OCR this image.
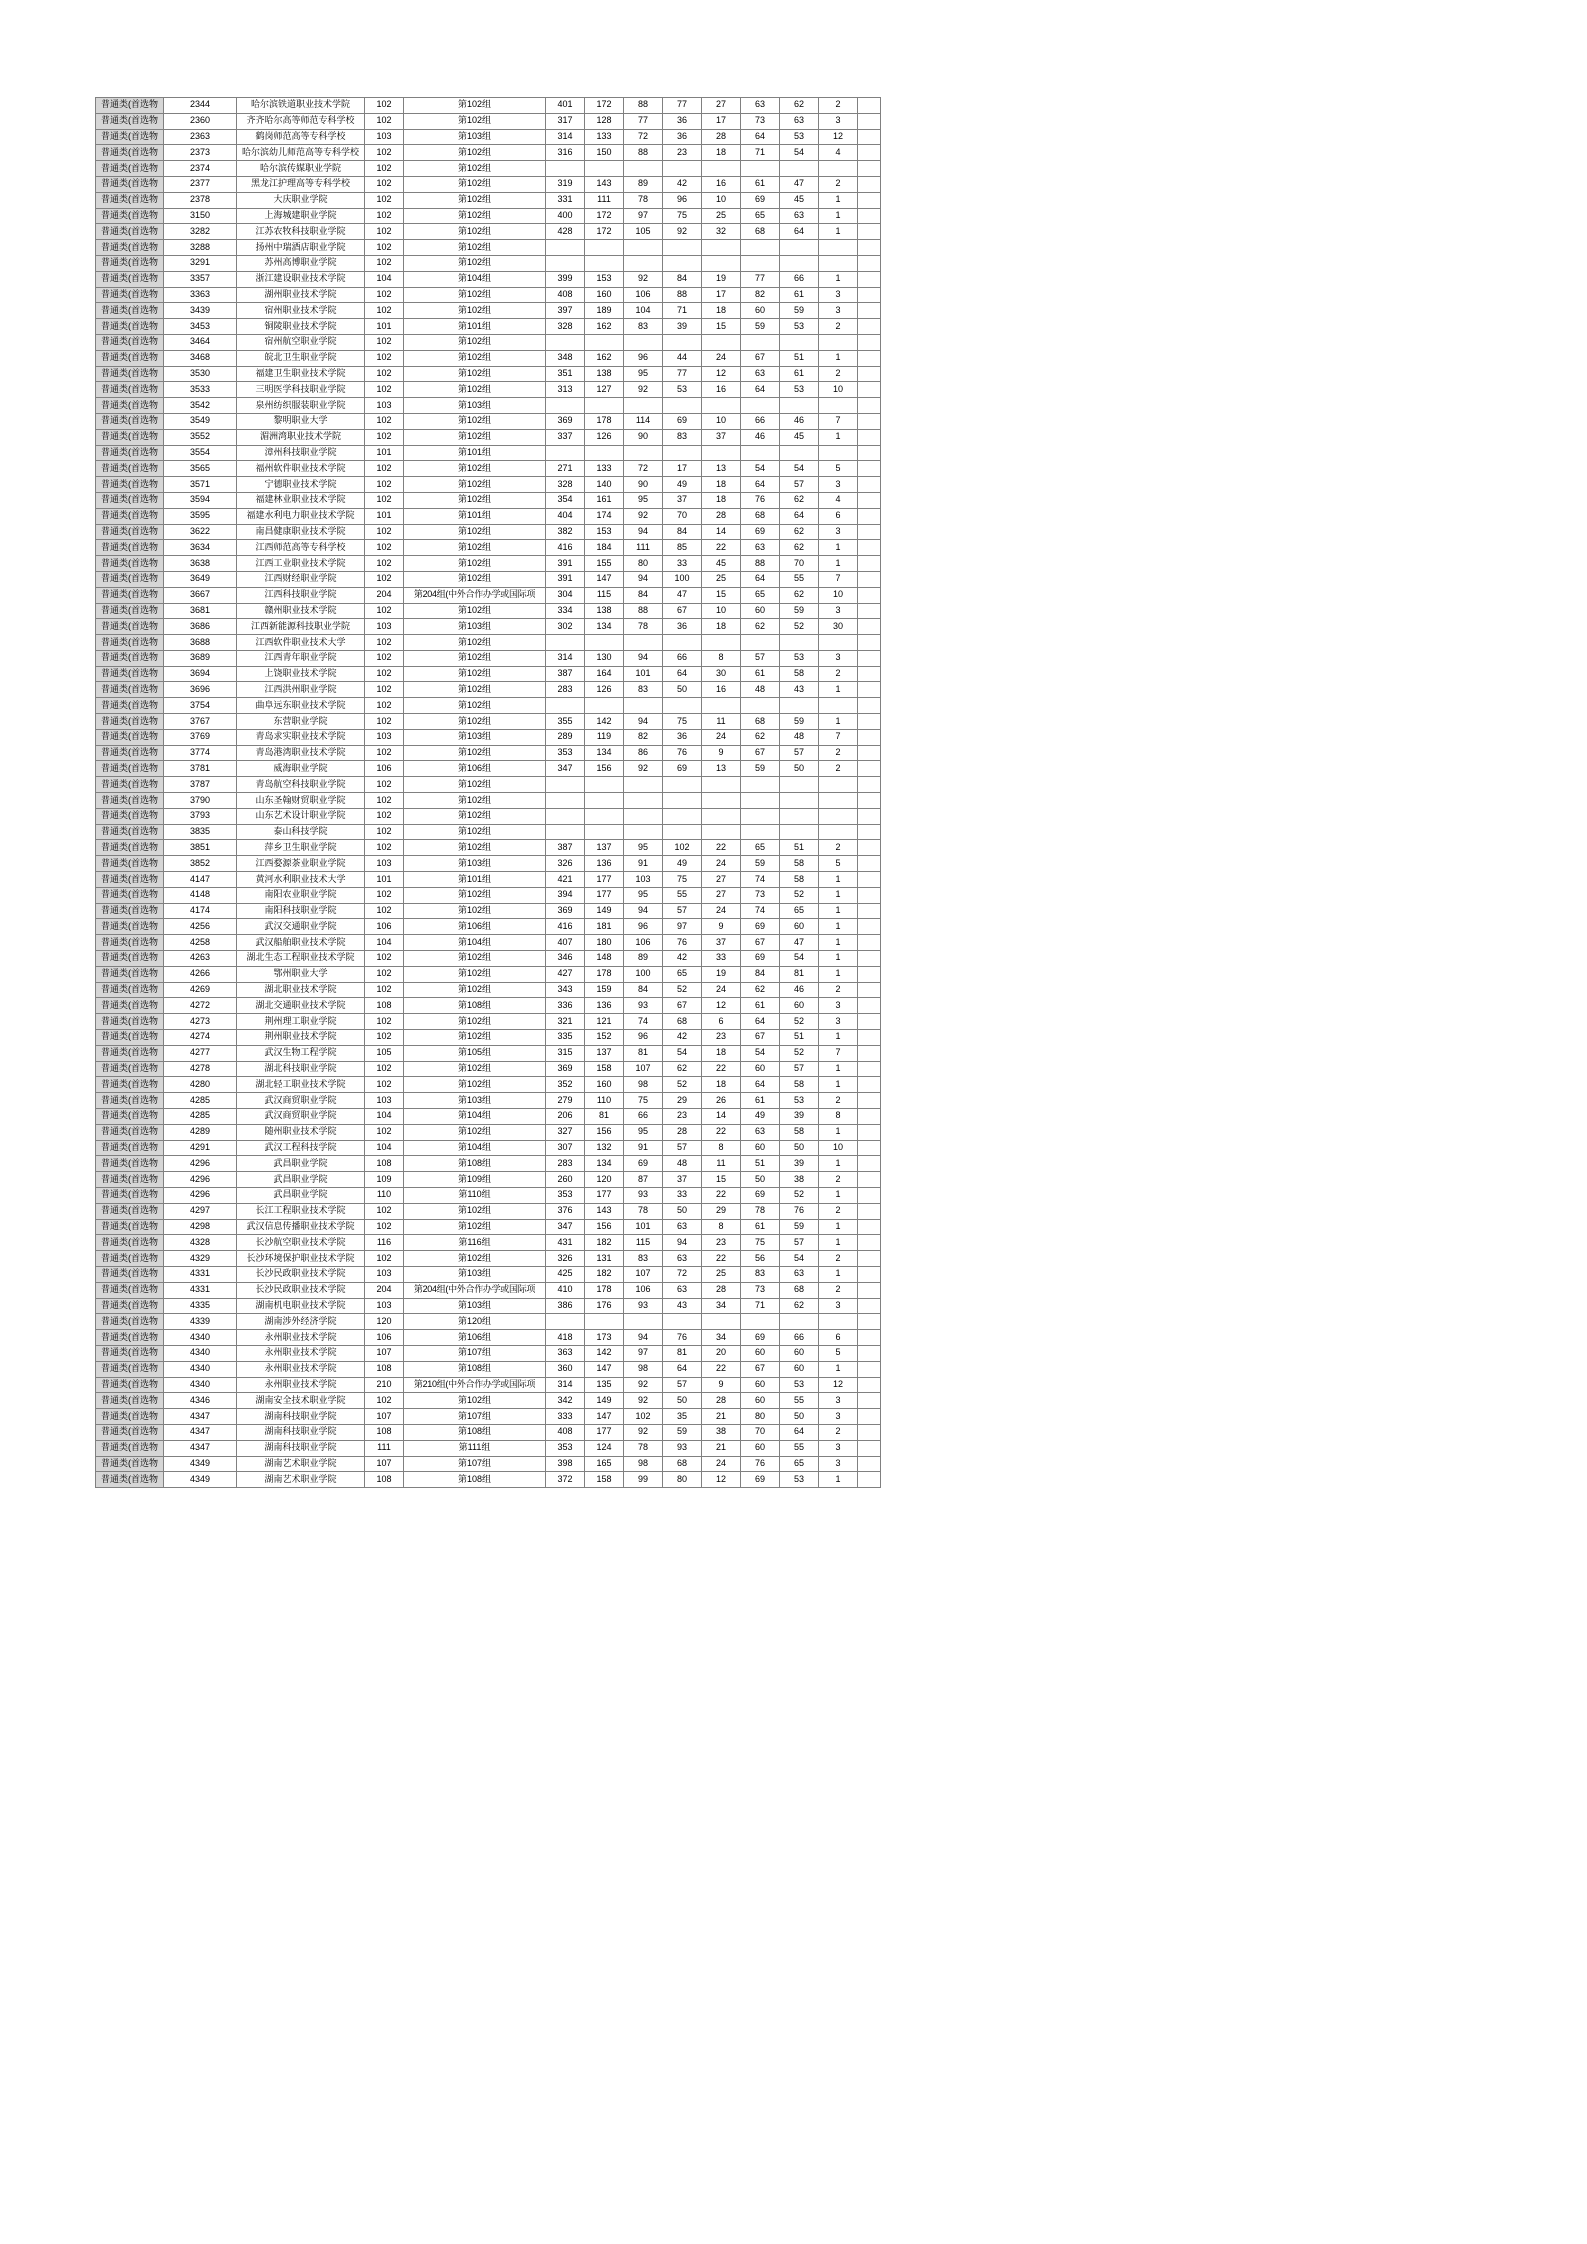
普通类(首选物	2344	哈尔滨铁道职业技术学院	102	第102组	401	172	88	77	27	63	62	2	
普通类(首选物	2360	齐齐哈尔高等师范专科学校	102	第102组	317	128	77	36	17	73	63	3	
普通类(首选物	2363	鹤岗师范高等专科学校	103	第103组	314	133	72	36	28	64	53	12	
普通类(首选物	2373	哈尔滨幼儿师范高等专科学校	102	第102组	316	150	88	23	18	71	54	4	
普通类(首选物	2374	哈尔滨传媒职业学院	102	第102组									
普通类(首选物	2377	黑龙江护理高等专科学校	102	第102组	319	143	89	42	16	61	47	2	
普通类(首选物	2378	大庆职业学院	102	第102组	331	111	78	96	10	69	45	1	
普通类(首选物	3150	上海城建职业学院	102	第102组	400	172	97	75	25	65	63	1	
普通类(首选物	3282	江苏农牧科技职业学院	102	第102组	428	172	105	92	32	68	64	1	
普通类(首选物	3288	扬州中瑞酒店职业学院	102	第102组									
普通类(首选物	3291	苏州高博职业学院	102	第102组									
普通类(首选物	3357	浙江建设职业技术学院	104	第104组	399	153	92	84	19	77	66	1	
普通类(首选物	3363	湖州职业技术学院	102	第102组	408	160	106	88	17	82	61	3	
普通类(首选物	3439	宿州职业技术学院	102	第102组	397	189	104	71	18	60	59	3	
普通类(首选物	3453	铜陵职业技术学院	101	第101组	328	162	83	39	15	59	53	2	
普通类(首选物	3464	宿州航空职业学院	102	第102组									
普通类(首选物	3468	皖北卫生职业学院	102	第102组	348	162	96	44	24	67	51	1	
普通类(首选物	3530	福建卫生职业技术学院	102	第102组	351	138	95	77	12	63	61	2	
普通类(首选物	3533	三明医学科技职业学院	102	第102组	313	127	92	53	16	64	53	10	
普通类(首选物	3542	泉州纺织服装职业学院	103	第103组									
普通类(首选物	3549	黎明职业大学	102	第102组	369	178	114	69	10	66	46	7	
普通类(首选物	3552	湄洲湾职业技术学院	102	第102组	337	126	90	83	37	46	45	1	
普通类(首选物	3554	漳州科技职业学院	101	第101组									
普通类(首选物	3565	福州软件职业技术学院	102	第102组	271	133	72	17	13	54	54	5	
普通类(首选物	3571	宁德职业技术学院	102	第102组	328	140	90	49	18	64	57	3	
普通类(首选物	3594	福建林业职业技术学院	102	第102组	354	161	95	37	18	76	62	4	
普通类(首选物	3595	福建水利电力职业技术学院	101	第101组	404	174	92	70	28	68	64	6	
普通类(首选物	3622	南昌健康职业技术学院	102	第102组	382	153	94	84	14	69	62	3	
普通类(首选物	3634	江西师范高等专科学校	102	第102组	416	184	111	85	22	63	62	1	
普通类(首选物	3638	江西工业职业技术学院	102	第102组	391	155	80	33	45	88	70	1	
普通类(首选物	3649	江西财经职业学院	102	第102组	391	147	94	100	25	64	55	7	
普通类(首选物	3667	江西科技职业学院	204	第204组(中外合作办学或国际项	304	115	84	47	15	65	62	10	
普通类(首选物	3681	赣州职业技术学院	102	第102组	334	138	88	67	10	60	59	3	
普通类(首选物	3686	江西新能源科技职业学院	103	第103组	302	134	78	36	18	62	52	30	
普通类(首选物	3688	江西软件职业技术大学	102	第102组									
普通类(首选物	3689	江西青年职业学院	102	第102组	314	130	94	66	8	57	53	3	
普通类(首选物	3694	上饶职业技术学院	102	第102组	387	164	101	64	30	61	58	2	
普通类(首选物	3696	江西洪州职业学院	102	第102组	283	126	83	50	16	48	43	1	
普通类(首选物	3754	曲阜远东职业技术学院	102	第102组									
普通类(首选物	3767	东营职业学院	102	第102组	355	142	94	75	11	68	59	1	
普通类(首选物	3769	青岛求实职业技术学院	103	第103组	289	119	82	36	24	62	48	7	
普通类(首选物	3774	青岛港湾职业技术学院	102	第102组	353	134	86	76	9	67	57	2	
普通类(首选物	3781	威海职业学院	106	第106组	347	156	92	69	13	59	50	2	
普通类(首选物	3787	青岛航空科技职业学院	102	第102组									
普通类(首选物	3790	山东圣翰财贸职业学院	102	第102组									
普通类(首选物	3793	山东艺术设计职业学院	102	第102组									
普通类(首选物	3835	泰山科技学院	102	第102组									
普通类(首选物	3851	萍乡卫生职业学院	102	第102组	387	137	95	102	22	65	51	2	
普通类(首选物	3852	江西婺源茶业职业学院	103	第103组	326	136	91	49	24	59	58	5	
普通类(首选物	4147	黄河水利职业技术大学	101	第101组	421	177	103	75	27	74	58	1	
普通类(首选物	4148	南阳农业职业学院	102	第102组	394	177	95	55	27	73	52	1	
普通类(首选物	4174	南阳科技职业学院	102	第102组	369	149	94	57	24	74	65	1	
普通类(首选物	4256	武汉交通职业学院	106	第106组	416	181	96	97	9	69	60	1	
普通类(首选物	4258	武汉船舶职业技术学院	104	第104组	407	180	106	76	37	67	47	1	
普通类(首选物	4263	湖北生态工程职业技术学院	102	第102组	346	148	89	42	33	69	54	1	
普通类(首选物	4266	鄂州职业大学	102	第102组	427	178	100	65	19	84	81	1	
普通类(首选物	4269	湖北职业技术学院	102	第102组	343	159	84	52	24	62	46	2	
普通类(首选物	4272	湖北交通职业技术学院	108	第108组	336	136	93	67	12	61	60	3	
普通类(首选物	4273	荆州理工职业学院	102	第102组	321	121	74	68	6	64	52	3	
普通类(首选物	4274	荆州职业技术学院	102	第102组	335	152	96	42	23	67	51	1	
普通类(首选物	4277	武汉生物工程学院	105	第105组	315	137	81	54	18	54	52	7	
普通类(首选物	4278	湖北科技职业学院	102	第102组	369	158	107	62	22	60	57	1	
普通类(首选物	4280	湖北轻工职业技术学院	102	第102组	352	160	98	52	18	64	58	1	
普通类(首选物	4285	武汉商贸职业学院	103	第103组	279	110	75	29	26	61	53	2	
普通类(首选物	4285	武汉商贸职业学院	104	第104组	206	81	66	23	14	49	39	8	
普通类(首选物	4289	随州职业技术学院	102	第102组	327	156	95	28	22	63	58	1	
普通类(首选物	4291	武汉工程科技学院	104	第104组	307	132	91	57	8	60	50	10	
普通类(首选物	4296	武昌职业学院	108	第108组	283	134	69	48	11	51	39	1	
普通类(首选物	4296	武昌职业学院	109	第109组	260	120	87	37	15	50	38	2	
普通类(首选物	4296	武昌职业学院	110	第110组	353	177	93	33	22	69	52	1	
普通类(首选物	4297	长江工程职业技术学院	102	第102组	376	143	78	50	29	78	76	2	
普通类(首选物	4298	武汉信息传播职业技术学院	102	第102组	347	156	101	63	8	61	59	1	
普通类(首选物	4328	长沙航空职业技术学院	116	第116组	431	182	115	94	23	75	57	1	
普通类(首选物	4329	长沙环境保护职业技术学院	102	第102组	326	131	83	63	22	56	54	2	
普通类(首选物	4331	长沙民政职业技术学院	103	第103组	425	182	107	72	25	83	63	1	
普通类(首选物	4331	长沙民政职业技术学院	204	第204组(中外合作办学或国际项	410	178	106	63	28	73	68	2	
普通类(首选物	4335	湖南机电职业技术学院	103	第103组	386	176	93	43	34	71	62	3	
普通类(首选物	4339	湖南涉外经济学院	120	第120组									
普通类(首选物	4340	永州职业技术学院	106	第106组	418	173	94	76	34	69	66	6	
普通类(首选物	4340	永州职业技术学院	107	第107组	363	142	97	81	20	60	60	5	
普通类(首选物	4340	永州职业技术学院	108	第108组	360	147	98	64	22	67	60	1	
普通类(首选物	4340	永州职业技术学院	210	第210组(中外合作办学或国际项	314	135	92	57	9	60	53	12	
普通类(首选物	4346	湖南安全技术职业学院	102	第102组	342	149	92	50	28	60	55	3	
普通类(首选物	4347	湖南科技职业学院	107	第107组	333	147	102	35	21	80	50	3	
普通类(首选物	4347	湖南科技职业学院	108	第108组	408	177	92	59	38	70	64	2	
普通类(首选物	4347	湖南科技职业学院	111	第111组	353	124	78	93	21	60	55	3	
普通类(首选物	4349	湖南艺术职业学院	107	第107组	398	165	98	68	24	76	65	3	
普通类(首选物	4349	湖南艺术职业学院	108	第108组	372	158	99	80	12	69	53	1	
